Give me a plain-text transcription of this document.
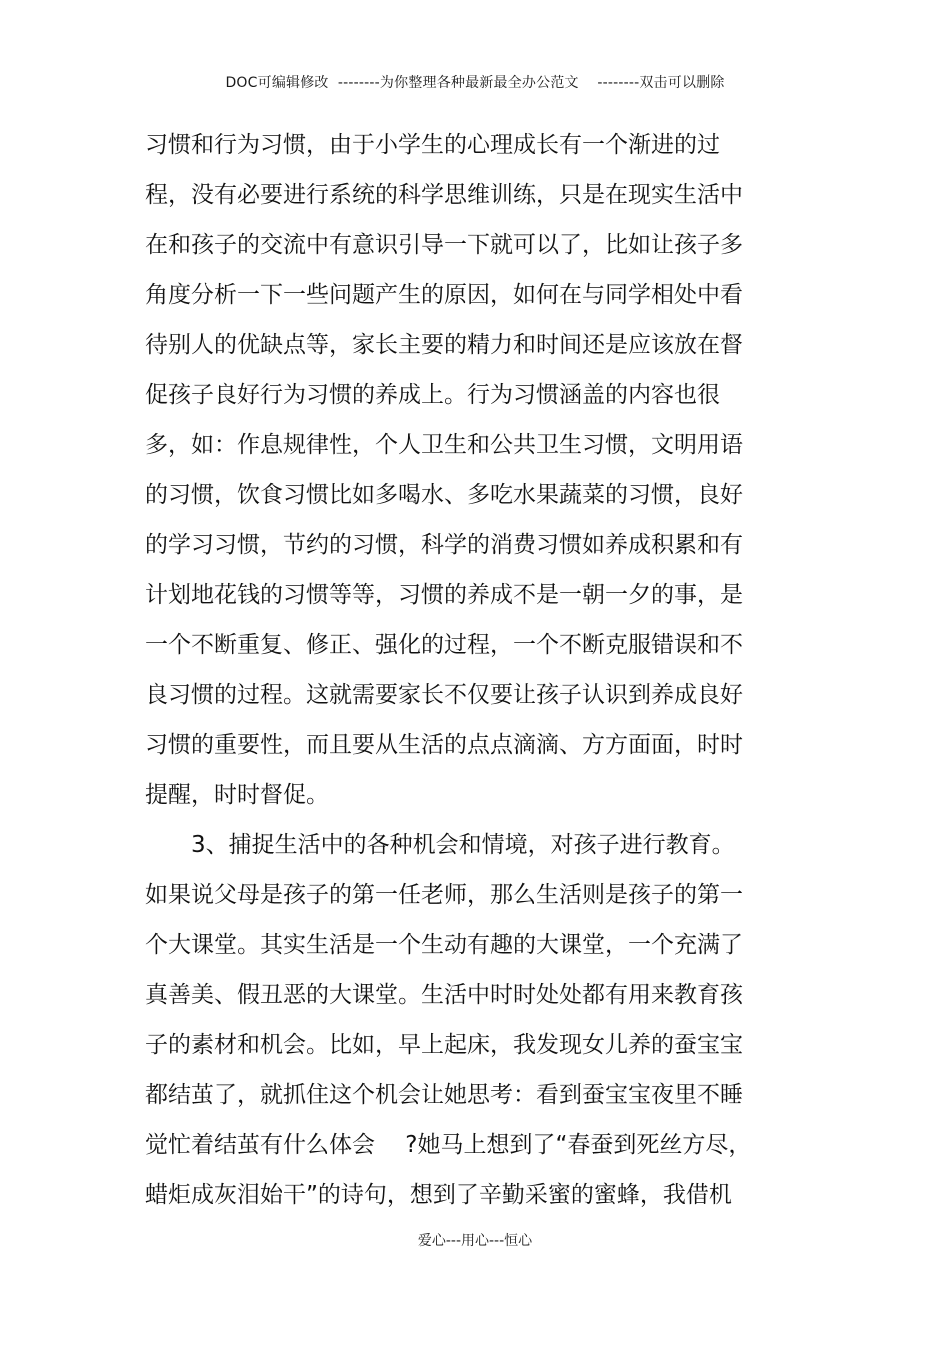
DOC可编辑修改  --------为你整理各种最新最全办公范文    --------双击可以删除
习惯和行为习惯，由于小学生的心理成长有一个渐进的过
程，没有必要进行系统的科学思维训练，只是在现实生活中
在和孩子的交流中有意识引导一下就可以了，比如让孩子多
角度分析一下一些问题产生的原因，如何在与同学相处中看
待别人的优缺点等，家长主要的精力和时间还是应该放在督
促孩子良好行为习惯的养成上。行为习惯涵盖的内容也很
多，如：作息规律性，个人卫生和公共卫生习惯，文明用语
的习惯，饮食习惯比如多喝水、多吃水果蔬菜的习惯，良好
的学习习惯，节约的习惯，科学的消费习惯如养成积累和有
计划地花钱的习惯等等，习惯的养成不是一朝一夕的事，是
一个不断重复、修正、强化的过程，一个不断克服错误和不
良习惯的过程。这就需要家长不仅要让孩子认识到养成良好
习惯的重要性，而且要从生活的点点滴滴、方方面面，时时
提醒，时时督促。
　　3、捕捉生活中的各种机会和情境，对孩子进行教育。
如果说父母是孩子的第一任老师，那么生活则是孩子的第一
个大课堂。其实生活是一个生动有趣的大课堂，一个充满了
真善美、假丑恶的大课堂。生活中时时处处都有用来教育孩
子的素材和机会。比如，早上起床，我发现女儿养的蚕宝宝
都结茧了，就抓住这个机会让她思考：看到蚕宝宝夜里不睡
觉忙着结茧有什么体会　 ?她马上想到了“春蚕到死丝方尽，
蜡炬成灰泪始干”的诗句，想到了辛勤采蜜的蜜蜂，我借机
爱心---用心---恒心
